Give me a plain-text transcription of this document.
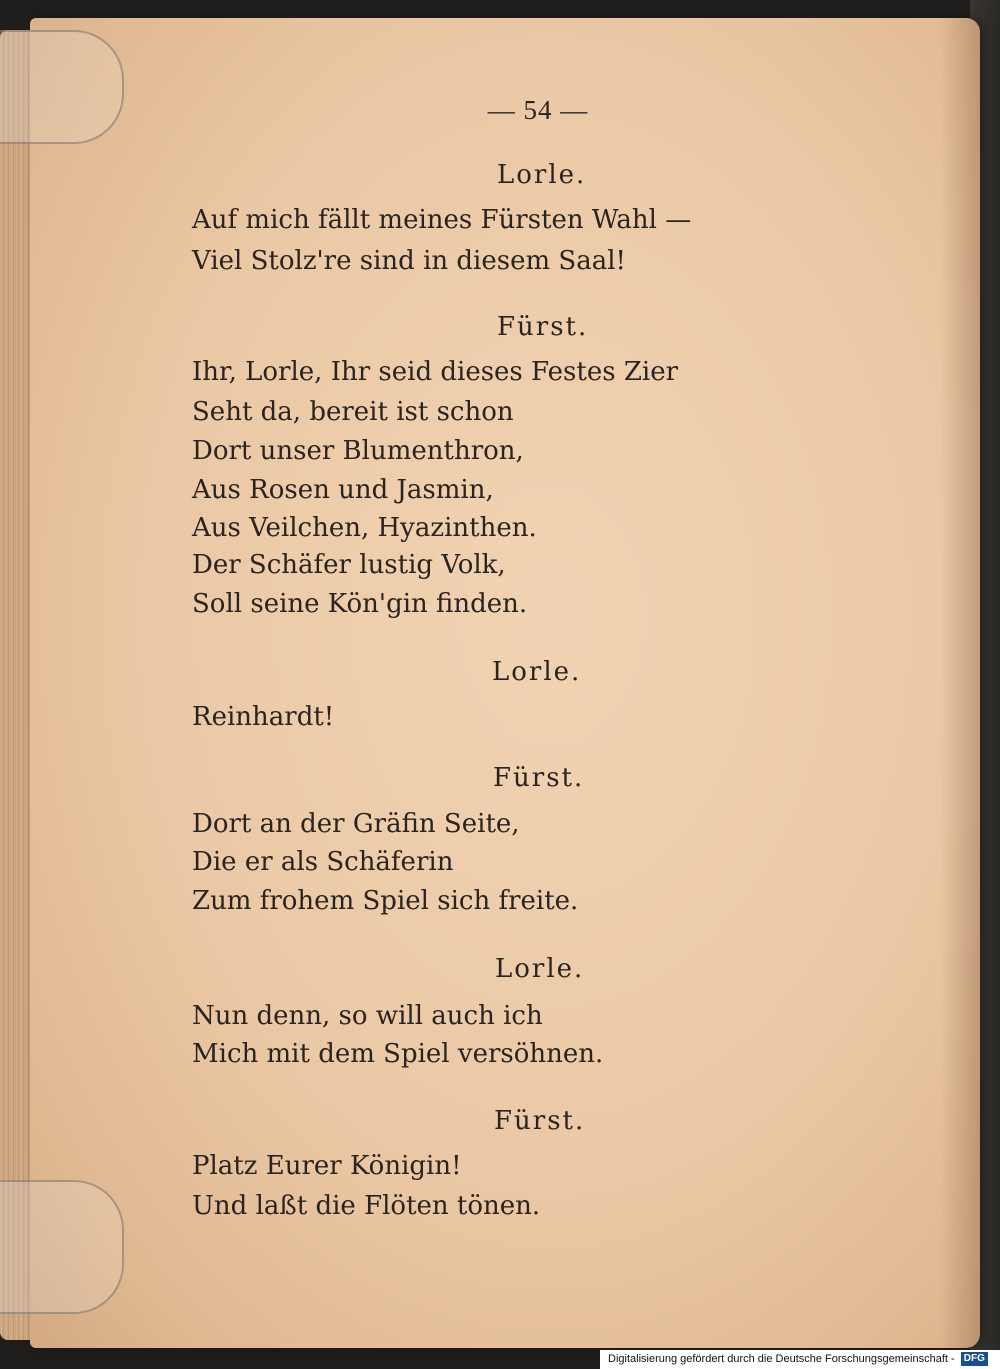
— 54 —
Lorle.
Auf mich fällt meines Fürsten Wahl —
Viel Stolz're sind in diesem Saal!
Fürst.
Ihr, Lorle, Ihr seid dieses Festes Zier
Seht da, bereit ist schon
Dort unser Blumenthron,
Aus Rosen und Jasmin,
Aus Veilchen, Hyazinthen.
Der Schäfer lustig Volk,
Soll seine Kön'gin finden.
Lorle.
Reinhardt!
Fürst.
Dort an der Gräfin Seite,
Die er als Schäferin
Zum frohem Spiel sich freite.
Lorle.
Nun denn, so will auch ich
Mich mit dem Spiel versöhnen.
Fürst.
Platz Eurer Königin!
Und laßt die Flöten tönen.
Digitalisierung gefördert durch die Deutsche Forschungsgemeinschaft - DFG
